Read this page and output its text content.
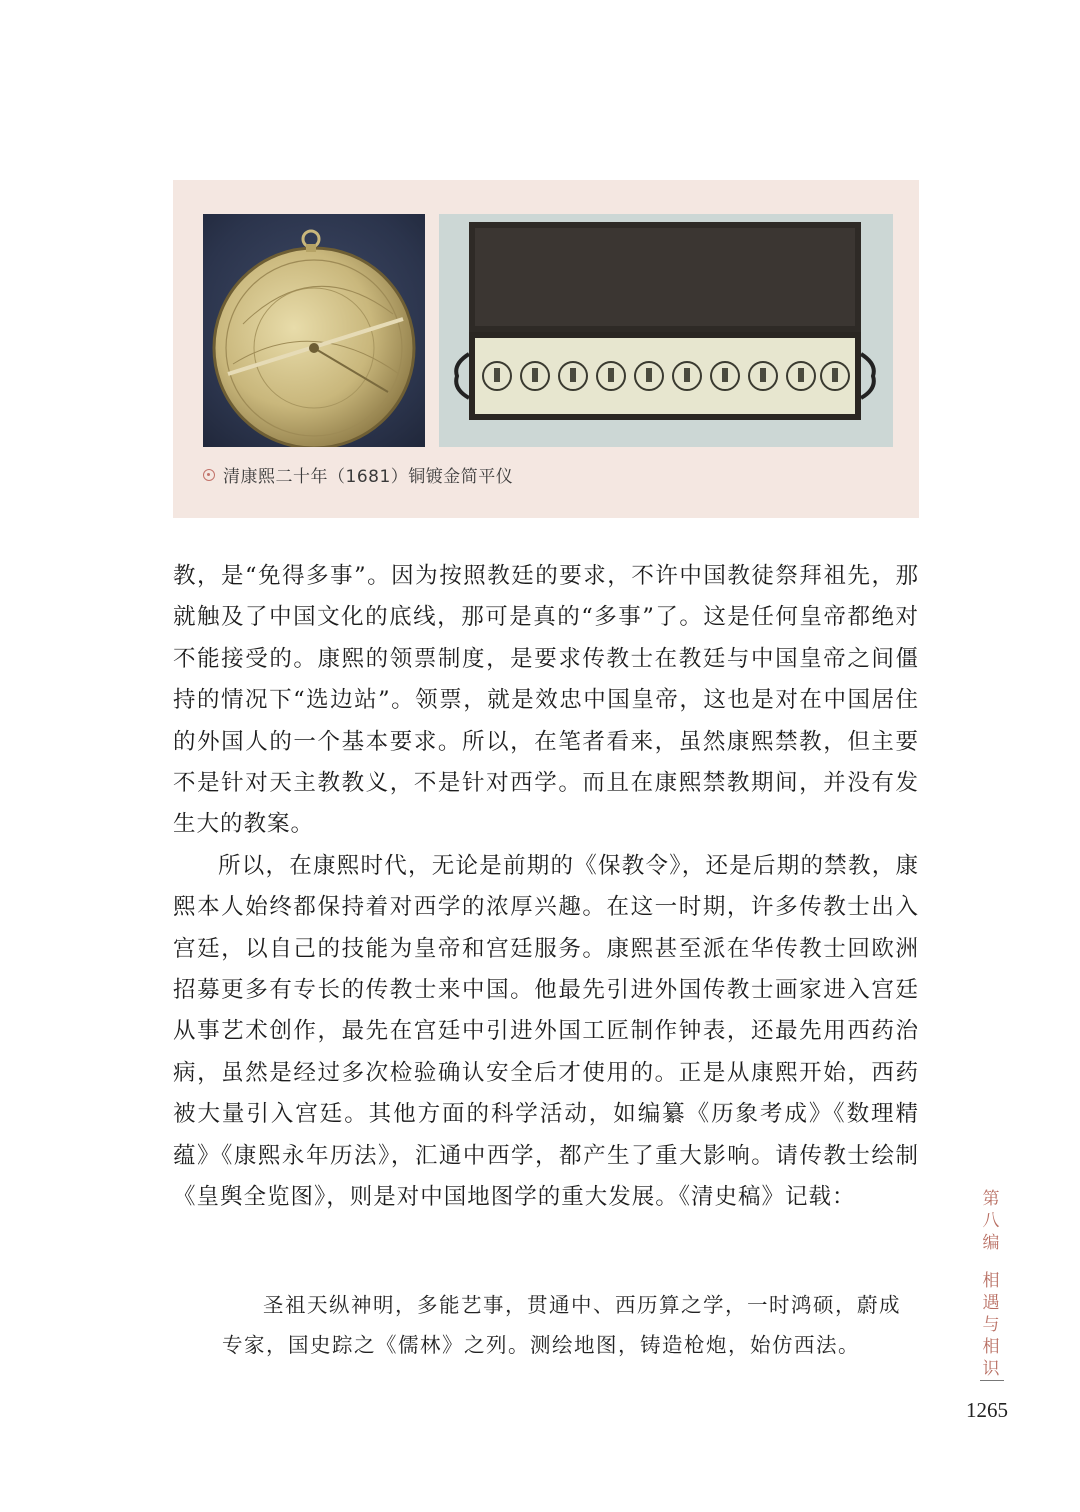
清康熙二十年（1681）铜镀金简平仪

教，是“免得多事”。因为按照教廷的要求，不许中国教徒祭拜祖先，那就触及了中国文化的底线，那可是真的“多事”了。这是任何皇帝都绝对不能接受的。康熙的领票制度，是要求传教士在教廷与中国皇帝之间僵持的情况下“选边站”。领票，就是效忠中国皇帝，这也是对在中国居住的外国人的一个基本要求。所以，在笔者看来，虽然康熙禁教，但主要不是针对天主教教义，不是针对西学。而且在康熙禁教期间，并没有发生大的教案。

所以，在康熙时代，无论是前期的《保教令》，还是后期的禁教，康熙本人始终都保持着对西学的浓厚兴趣。在这一时期，许多传教士出入宫廷，以自己的技能为皇帝和宫廷服务。康熙甚至派在华传教士回欧洲招募更多有专长的传教士来中国。他最先引进外国传教士画家进入宫廷从事艺术创作，最先在宫廷中引进外国工匠制作钟表，还最先用西药治病，虽然是经过多次检验确认安全后才使用的。正是从康熙开始，西药被大量引入宫廷。其他方面的科学活动，如编纂《历象考成》《数理精蕴》《康熙永年历法》，汇通中西学，都产生了重大影响。请传教士绘制《皇舆全览图》，则是对中国地图学的重大发展。《清史稿》记载：

圣祖天纵神明，多能艺事，贯通中、西历算之学，一时鸿硕，蔚成专家，国史踪之《儒林》之列。测绘地图，铸造枪炮，始仿西法。

第八编
相遇与相识
1265
